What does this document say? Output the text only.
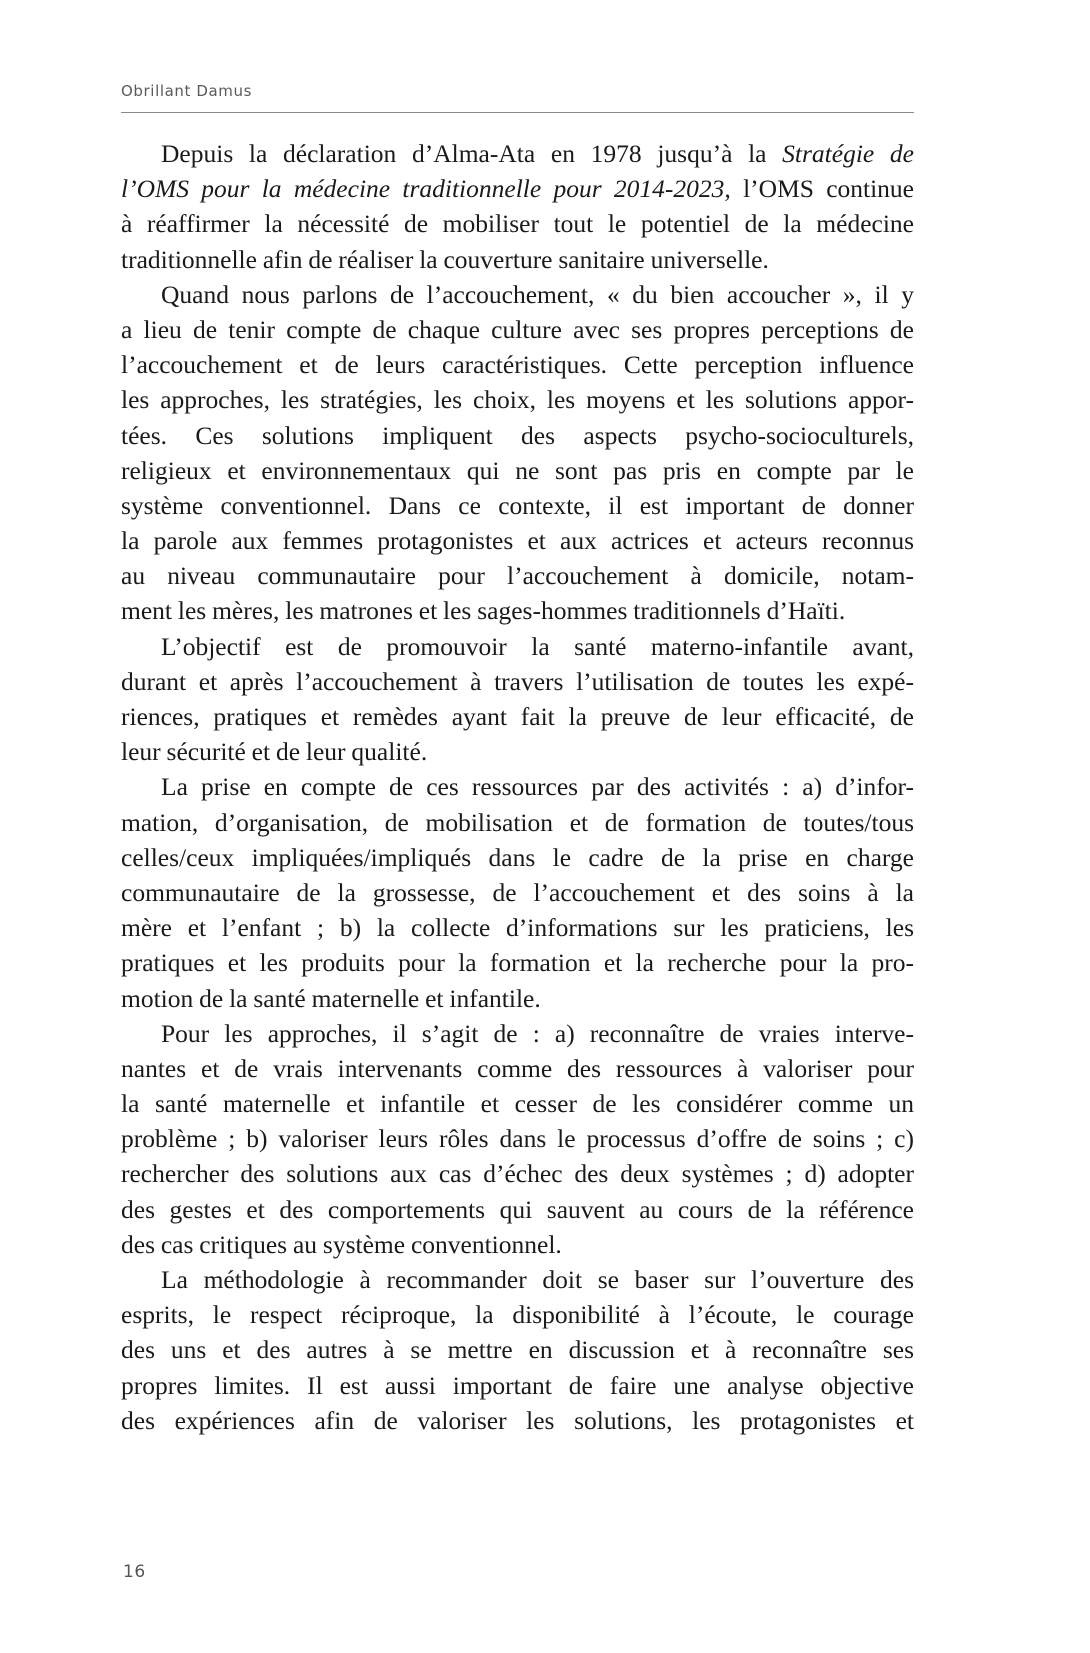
Obrillant Damus
Depuis la déclaration d’Alma-Ata en 1978 jusqu’à la Stratégie de
l’OMS pour la médecine traditionnelle pour 2014-2023, l’OMS continue
à réaffirmer la nécessité de mobiliser tout le potentiel de la médecine
traditionnelle afin de réaliser la couverture sanitaire universelle.
Quand nous parlons de l’accouchement, « du bien accoucher », il y
a lieu de tenir compte de chaque culture avec ses propres perceptions de
l’accouchement et de leurs caractéristiques. Cette perception influence
les approches, les stratégies, les choix, les moyens et les solutions appor-
tées. Ces solutions impliquent des aspects psycho-socioculturels,
religieux et environnementaux qui ne sont pas pris en compte par le
système conventionnel. Dans ce contexte, il est important de donner
la parole aux femmes protagonistes et aux actrices et acteurs reconnus
au niveau communautaire pour l’accouchement à domicile, notam-
ment les mères, les matrones et les sages-hommes traditionnels d’Haïti.
L’objectif est de promouvoir la santé materno-infantile avant,
durant et après l’accouchement à travers l’utilisation de toutes les expé-
riences, pratiques et remèdes ayant fait la preuve de leur efficacité, de
leur sécurité et de leur qualité.
La prise en compte de ces ressources par des activités : a) d’infor-
mation, d’organisation, de mobilisation et de formation de toutes/tous
celles/ceux impliquées/impliqués dans le cadre de la prise en charge
communautaire de la grossesse, de l’accouchement et des soins à la
mère et l’enfant ; b) la collecte d’informations sur les praticiens, les
pratiques et les produits pour la formation et la recherche pour la pro-
motion de la santé maternelle et infantile.
Pour les approches, il s’agit de : a) reconnaître de vraies interve-
nantes et de vrais intervenants comme des ressources à valoriser pour
la santé maternelle et infantile et cesser de les considérer comme un
problème ; b) valoriser leurs rôles dans le processus d’offre de soins ; c)
rechercher des solutions aux cas d’échec des deux systèmes ; d) adopter
des gestes et des comportements qui sauvent au cours de la référence
des cas critiques au système conventionnel.
La méthodologie à recommander doit se baser sur l’ouverture des
esprits, le respect réciproque, la disponibilité à l’écoute, le courage
des uns et des autres à se mettre en discussion et à reconnaître ses
propres limites. Il est aussi important de faire une analyse objective
des expériences afin de valoriser les solutions, les protagonistes et
16
